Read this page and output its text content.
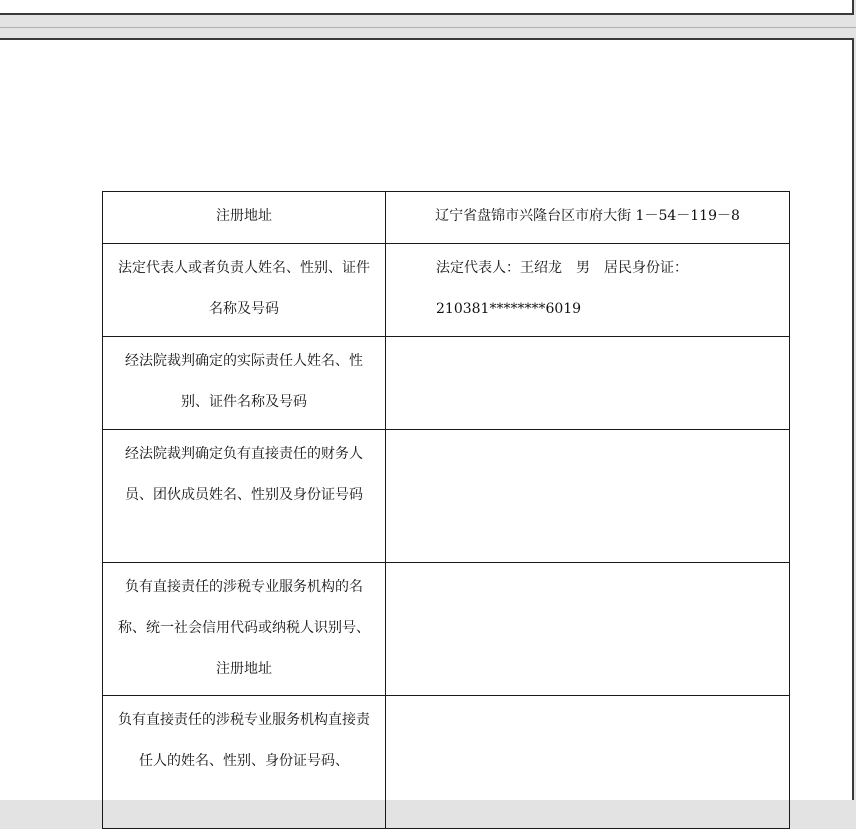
注册地址	辽宁省盘锦市兴隆台区市府大街 1－54－119－8
法定代表人或者负责人姓名、性别、证件名称及号码	法定代表人：王绍龙　男　居民身份证：210381********6019
经法院裁判确定的实际责任人姓名、性别、证件名称及号码	
经法院裁判确定负有直接责任的财务人员、团伙成员姓名、性别及身份证号码	
负有直接责任的涉税专业服务机构的名称、统一社会信用代码或纳税人识别号、注册地址	
负有直接责任的涉税专业服务机构直接责任人的姓名、性别、身份证号码、	
